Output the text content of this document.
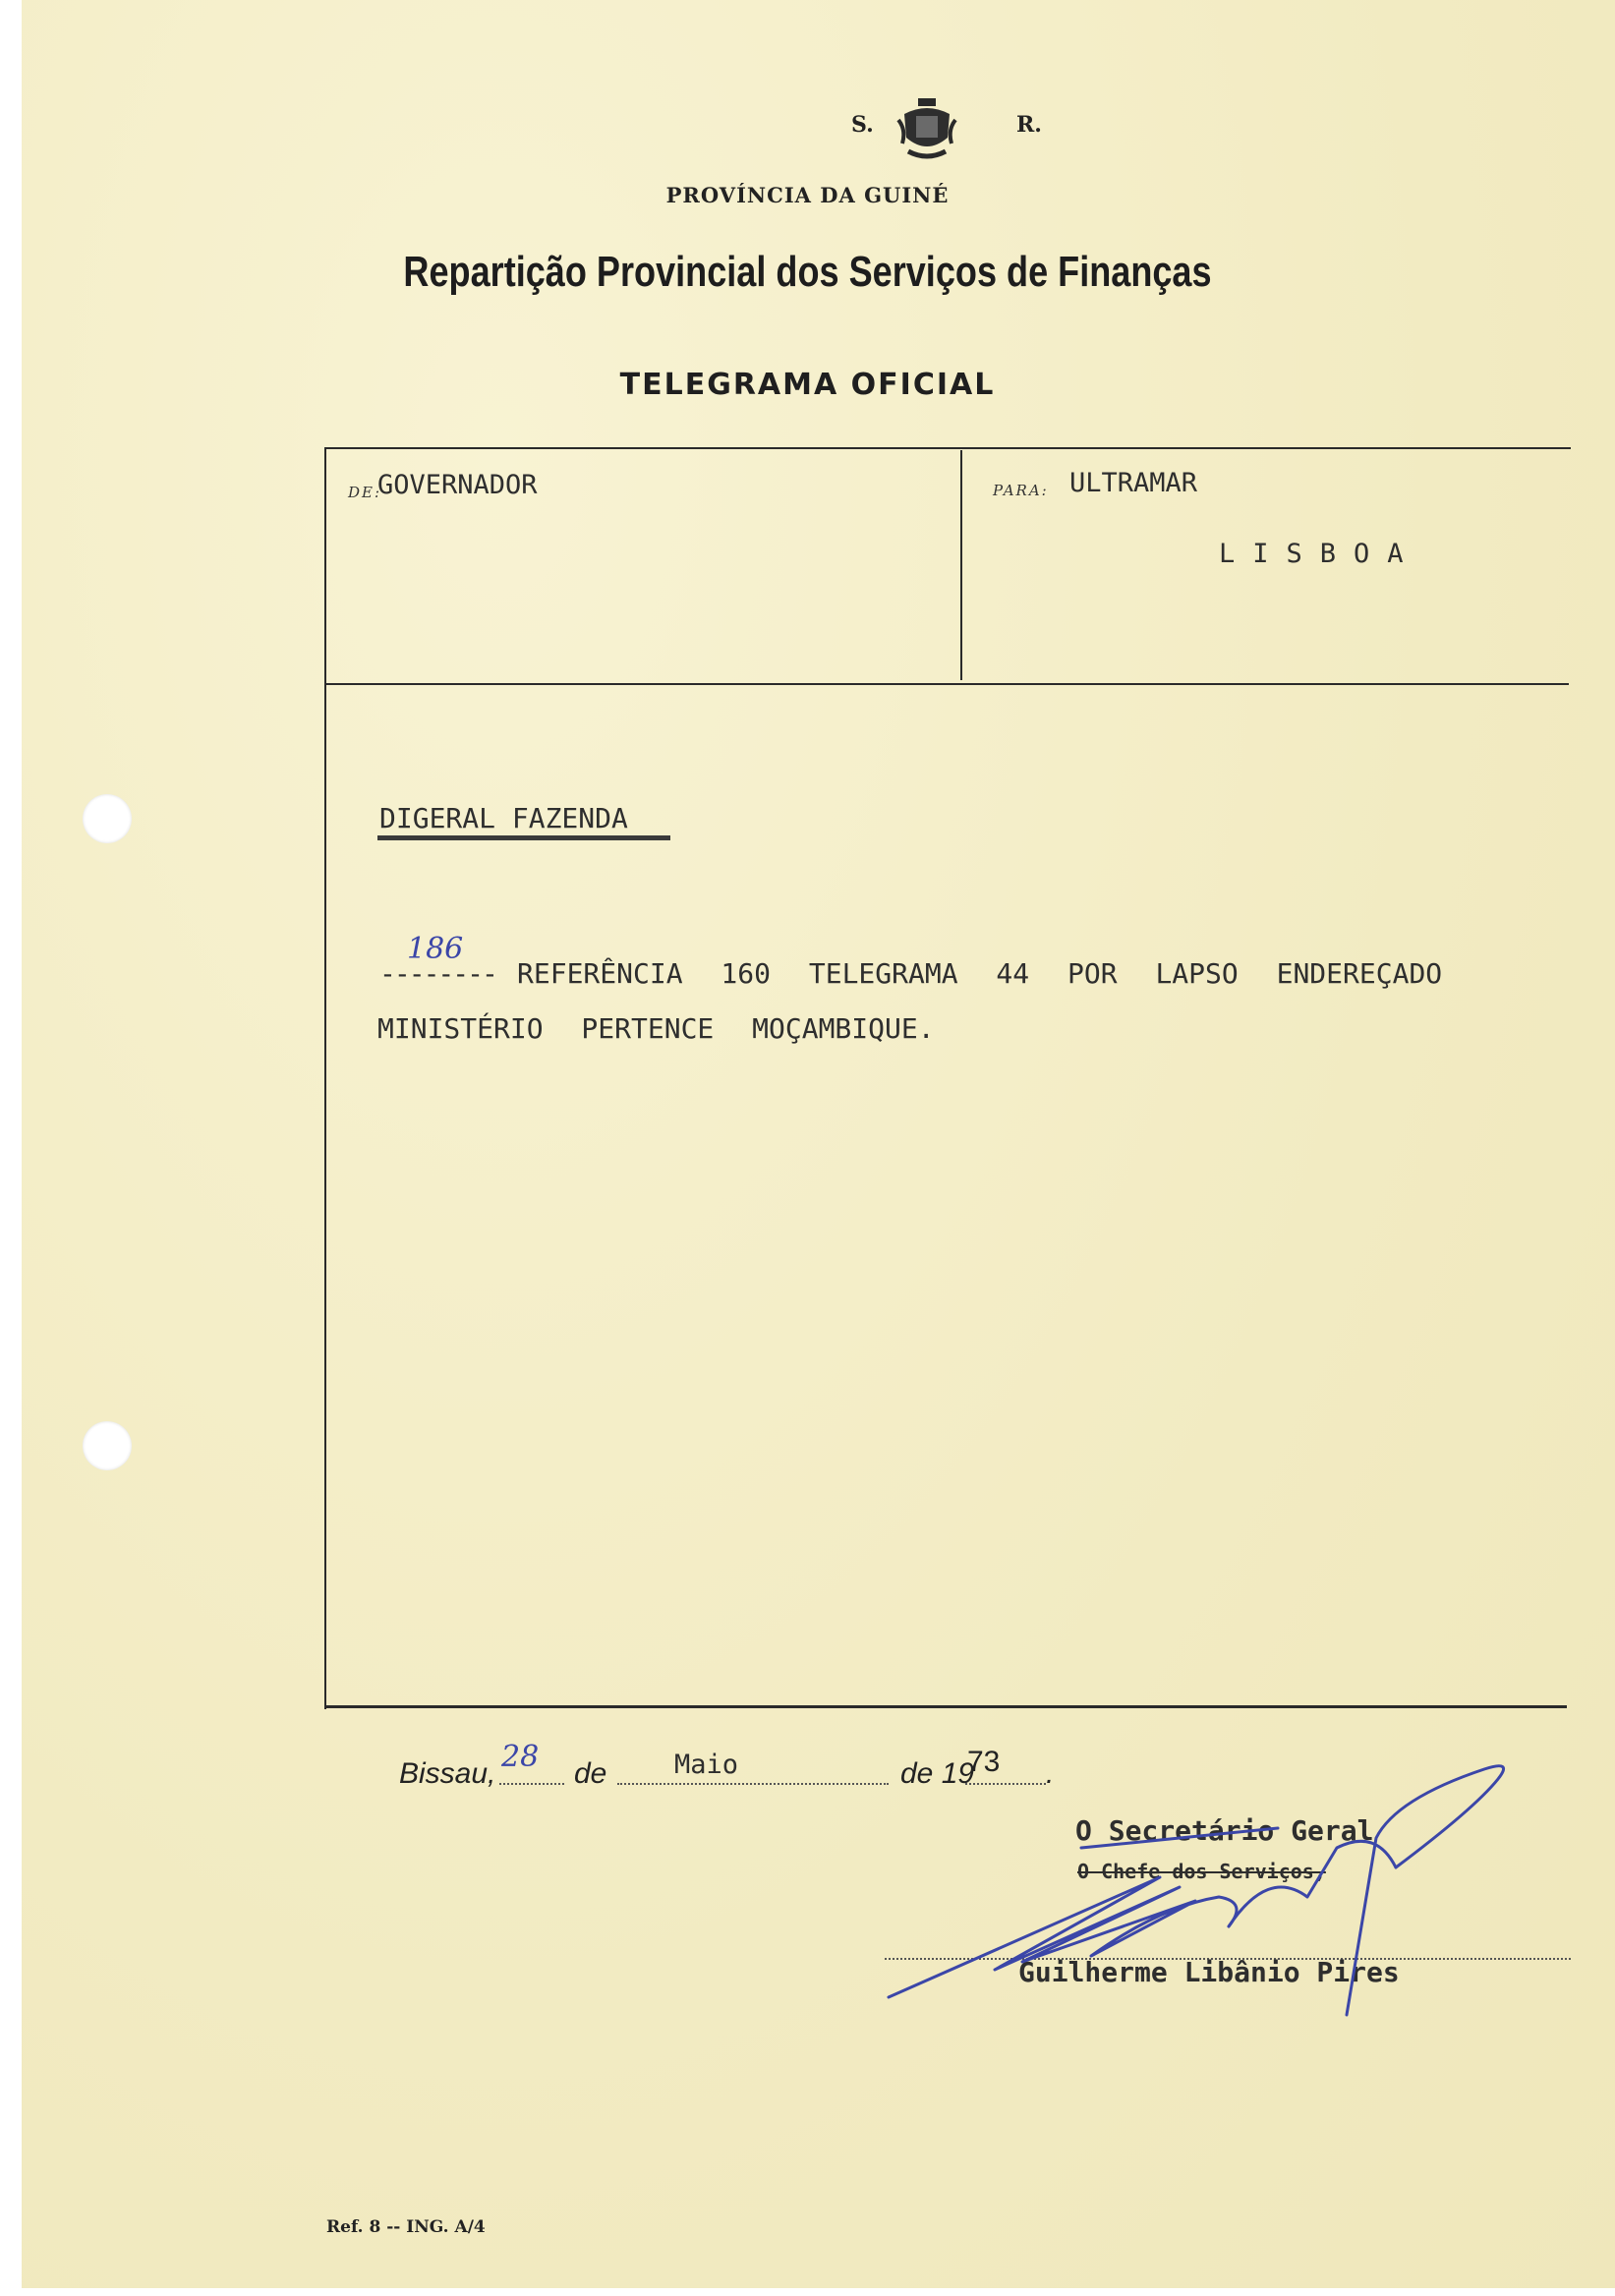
S.	R.
PROVÍNCIA DA GUINÉ
Repartição Provincial dos Serviços de Finanças
TELEGRAMA OFICIAL
DE:
GOVERNADOR	PARA: ULTRAMAR
LISBOA
DIGERAL FAZENDA
186
-------- REFERÊNCIA 160 TELEGRAMA 44 POR LAPSO ENDEREÇADO
MINISTÉRIO PERTENCE MOÇAMBIQUE.
Bissau, 28 de	Maio	de 19
73 .
O Secretário Geral
O Chefe dos Serviços,
Guilherme Libânio Pires
Ref. 8 -- ING. A/4
